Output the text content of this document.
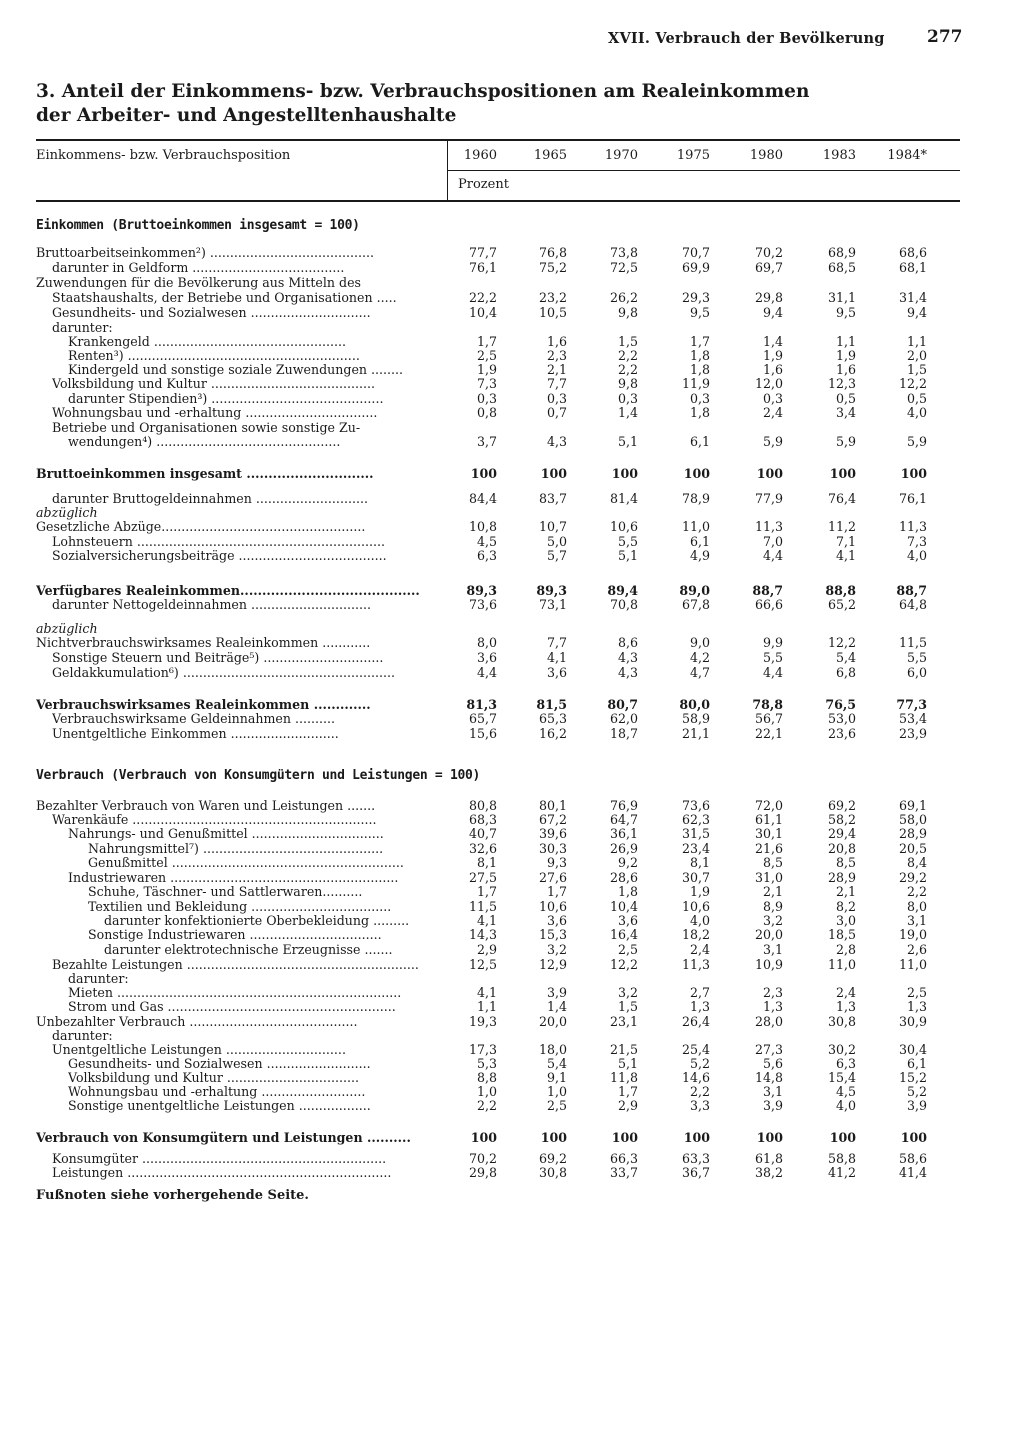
XVII. Verbrauch der Bevölkerung 277
3. Anteil der Einkommens- bzw. Verbrauchspositionen am Realeinkommen
der Arbeiter- und Angestelltenhaushalte
Einkommens- bzw. Verbrauchsposition	1960	1965	1970	1975	1980	1983	1984*
Prozent
Einkommen (Bruttoeinkommen insgesamt = 100)
Verbrauch (Verbrauch von Konsumgütern und Leistungen = 100)
Bruttoarbeitseinkommen²) .........................................	77,7	76,8	73,8	70,7	70,2	68,9	68,6
darunter in Geldform ......................................	76,1	75,2	72,5	69,9	69,7	68,5	68,1
Zuwendungen für die Bevölkerung aus Mitteln des
Staatshaushalts, der Betriebe und Organisationen .....	22,2	23,2	26,2	29,3	29,8	31,1	31,4
Gesundheits- und Sozialwesen ..............................	10,4	10,5	9,8	9,5	9,4	9,5	9,4
darunter:
Krankengeld ................................................	1,7	1,6	1,5	1,7	1,4	1,1	1,1
Renten³) ..........................................................	2,5	2,3	2,2	1,8	1,9	1,9	2,0
Kindergeld und sonstige soziale Zuwendungen ........	1,9	2,1	2,2	1,8	1,6	1,6	1,5
Volksbildung und Kultur .........................................	7,3	7,7	9,8	11,9	12,0	12,3	12,2
darunter Stipendien³) ...........................................	0,3	0,3	0,3	0,3	0,3	0,5	0,5
Wohnungsbau und -erhaltung .................................	0,8	0,7	1,4	1,8	2,4	3,4	4,0
Betriebe und Organisationen sowie sonstige Zu-
wendungen⁴) ..............................................	3,7	4,3	5,1	6,1	5,9	5,9	5,9
Bruttoeinkommen insgesamt .............................	100	100	100	100	100	100	100
darunter Bruttogeldeinnahmen ............................	84,4	83,7	81,4	78,9	77,9	76,4	76,1
abzüglich
Gesetzliche Abzüge...................................................	10,8	10,7	10,6	11,0	11,3	11,2	11,3
Lohnsteuern ..............................................................	4,5	5,0	5,5	6,1	7,0	7,1	7,3
Sozialversicherungsbeiträge .....................................	6,3	5,7	5,1	4,9	4,4	4,1	4,0
Verfügbares Realeinkommen.........................................	89,3	89,3	89,4	89,0	88,7	88,8	88,7
darunter Nettogeldeinnahmen ..............................	73,6	73,1	70,8	67,8	66,6	65,2	64,8
abzüglich
Nichtverbrauchswirksames Realeinkommen ............	8,0	7,7	8,6	9,0	9,9	12,2	11,5
Sonstige Steuern und Beiträge⁵) ..............................	3,6	4,1	4,3	4,2	5,5	5,4	5,5
Geldakkumulation⁶) .....................................................	4,4	3,6	4,3	4,7	4,4	6,8	6,0
Verbrauchswirksames Realeinkommen .............	81,3	81,5	80,7	80,0	78,8	76,5	77,3
Verbrauchswirksame Geldeinnahmen ..........	65,7	65,3	62,0	58,9	56,7	53,0	53,4
Unentgeltliche Einkommen ...........................	15,6	16,2	18,7	21,1	22,1	23,6	23,9
Bezahlter Verbrauch von Waren und Leistungen .......	80,8	80,1	76,9	73,6	72,0	69,2	69,1
Warenkäufe .............................................................	68,3	67,2	64,7	62,3	61,1	58,2	58,0
Nahrungs- und Genußmittel .................................	40,7	39,6	36,1	31,5	30,1	29,4	28,9
Nahrungsmittel⁷) .............................................	32,6	30,3	26,9	23,4	21,6	20,8	20,5
Genußmittel ..........................................................	8,1	9,3	9,2	8,1	8,5	8,5	8,4
Industriewaren .........................................................	27,5	27,6	28,6	30,7	31,0	28,9	29,2
Schuhe, Täschner- und Sattlerwaren..........	1,7	1,7	1,8	1,9	2,1	2,1	2,2
Textilien und Bekleidung ...................................	11,5	10,6	10,4	10,6	8,9	8,2	8,0
darunter konfektionierte Oberbekleidung .........	4,1	3,6	3,6	4,0	3,2	3,0	3,1
Sonstige Industriewaren .................................	14,3	15,3	16,4	18,2	20,0	18,5	19,0
darunter elektrotechnische Erzeugnisse .......	2,9	3,2	2,5	2,4	3,1	2,8	2,6
Bezahlte Leistungen ..........................................................	12,5	12,9	12,2	11,3	10,9	11,0	11,0
darunter:
Mieten .......................................................................	4,1	3,9	3,2	2,7	2,3	2,4	2,5
Strom und Gas .........................................................	1,1	1,4	1,5	1,3	1,3	1,3	1,3
Unbezahlter Verbrauch ..........................................	19,3	20,0	23,1	26,4	28,0	30,8	30,9
darunter:
Unentgeltliche Leistungen ..............................	17,3	18,0	21,5	25,4	27,3	30,2	30,4
Gesundheits- und Sozialwesen ..........................	5,3	5,4	5,1	5,2	5,6	6,3	6,1
Volksbildung und Kultur .................................	8,8	9,1	11,8	14,6	14,8	15,4	15,2
Wohnungsbau und -erhaltung ..........................	1,0	1,0	1,7	2,2	3,1	4,5	5,2
Sonstige unentgeltliche Leistungen ..................	2,2	2,5	2,9	3,3	3,9	4,0	3,9
Verbrauch von Konsumgütern und Leistungen ..........	100	100	100	100	100	100	100
Konsumgüter .............................................................	70,2	69,2	66,3	63,3	61,8	58,8	58,6
Leistungen ..................................................................	29,8	30,8	33,7	36,7	38,2	41,2	41,4
Fußnoten siehe vorhergehende Seite.
